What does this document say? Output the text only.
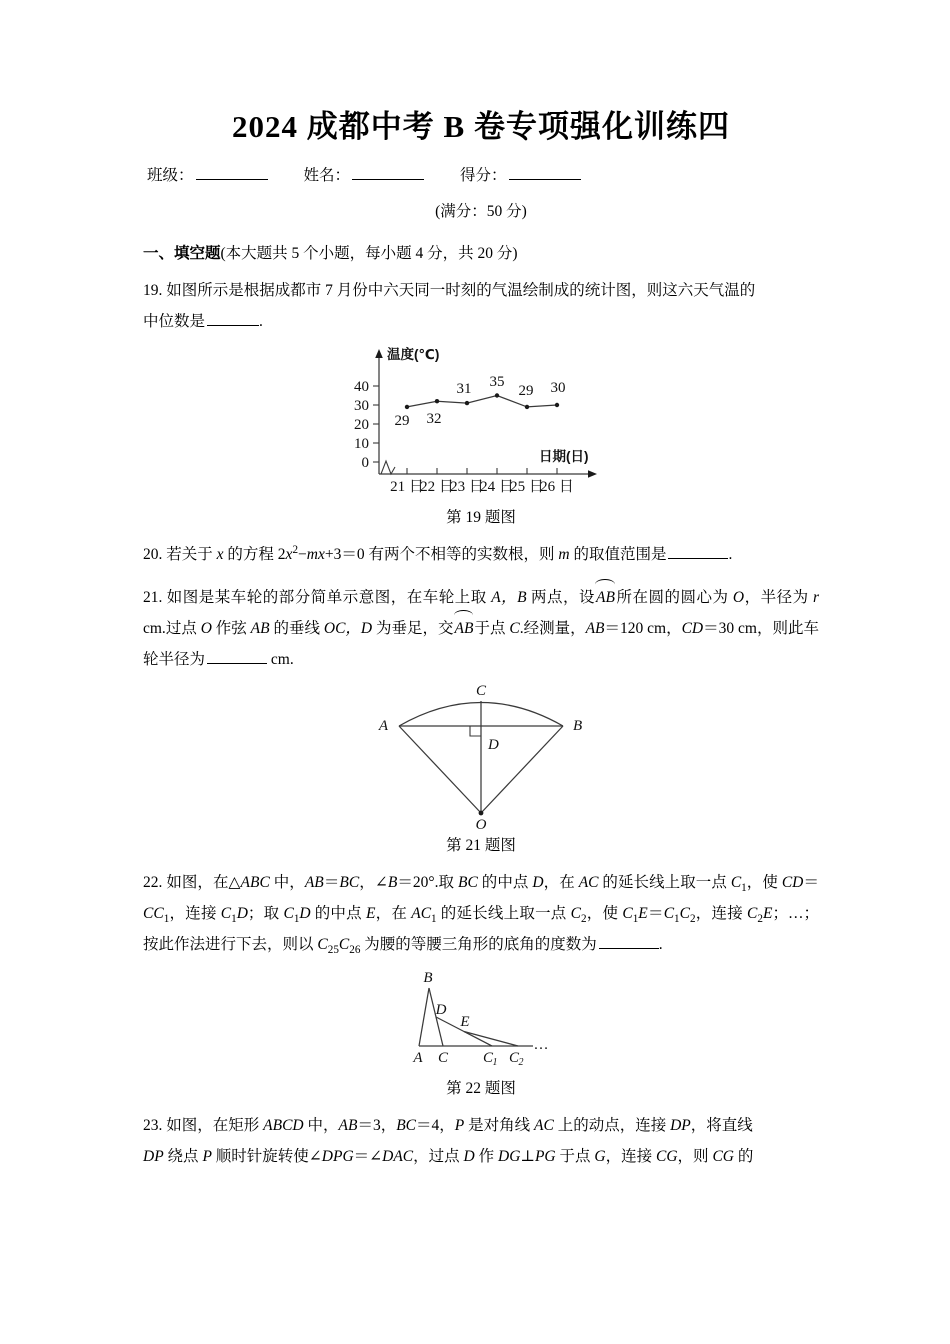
2024 成都中考 B 卷专项强化训练四
班级：	姓名：	得分：
(满分：50 分)
一、填空题(本大题共 5 个小题，每小题 4 分，共 20 分)
19. 如图所示是根据成都市 7 月份中六天同一时刻的气温绘制成的统计图，则这六天气温的
中位数是	.
0
10
20
30
40
温度(℃)
日期(日)
21 日
22 日
23 日
24 日
25 日
26 日
29 32
31 35
29 30
第 19 题图
20. 若关于 x 的方程 $2x^2-mx+3=0$ 有两个不相等的实数根，则 m 的取值范围是	.
21. 如图是某车轮的部分简单示意图，在车轮上取 A，B 两点，设AB所在圆的圆心为 O，半径为 r cm.过点 O 作弦 AB 的垂线 OC，D 为垂足，交AB于点 C.经测量，AB＝120 cm，CD＝30 cm，则此车轮半径为	cm.
A	B
C
D
O
第 21 题图
22. 如图，在△ABC 中，AB＝BC，∠B＝20°.取 BC 的中点 D，在 AC 的延长线上取一点 $C_1$，使 $CD=CC_1$，连接 $C_1D$；取 $C_1D$ 的中点 E，在 $AC_1$ 的延长线上取一点 $C_2$，使 $C_1E=C_1C_2$，连接 $C_2E$；…；按此作法进行下去，则以 $C_{25}C_{26}$ 为腰的等腰三角形的底角的度数为	.
B
D
E
A C C 1 C 2
…
第 22 题图
23. 如图，在矩形 ABCD 中，AB＝3，BC＝4，P 是对角线 AC 上的动点，连接 DP，将直线
DP 绕点 P 顺时针旋转使∠DPG＝∠DAC，过点 D 作 DG⊥PG 于点 G，连接 CG，则 CG 的
